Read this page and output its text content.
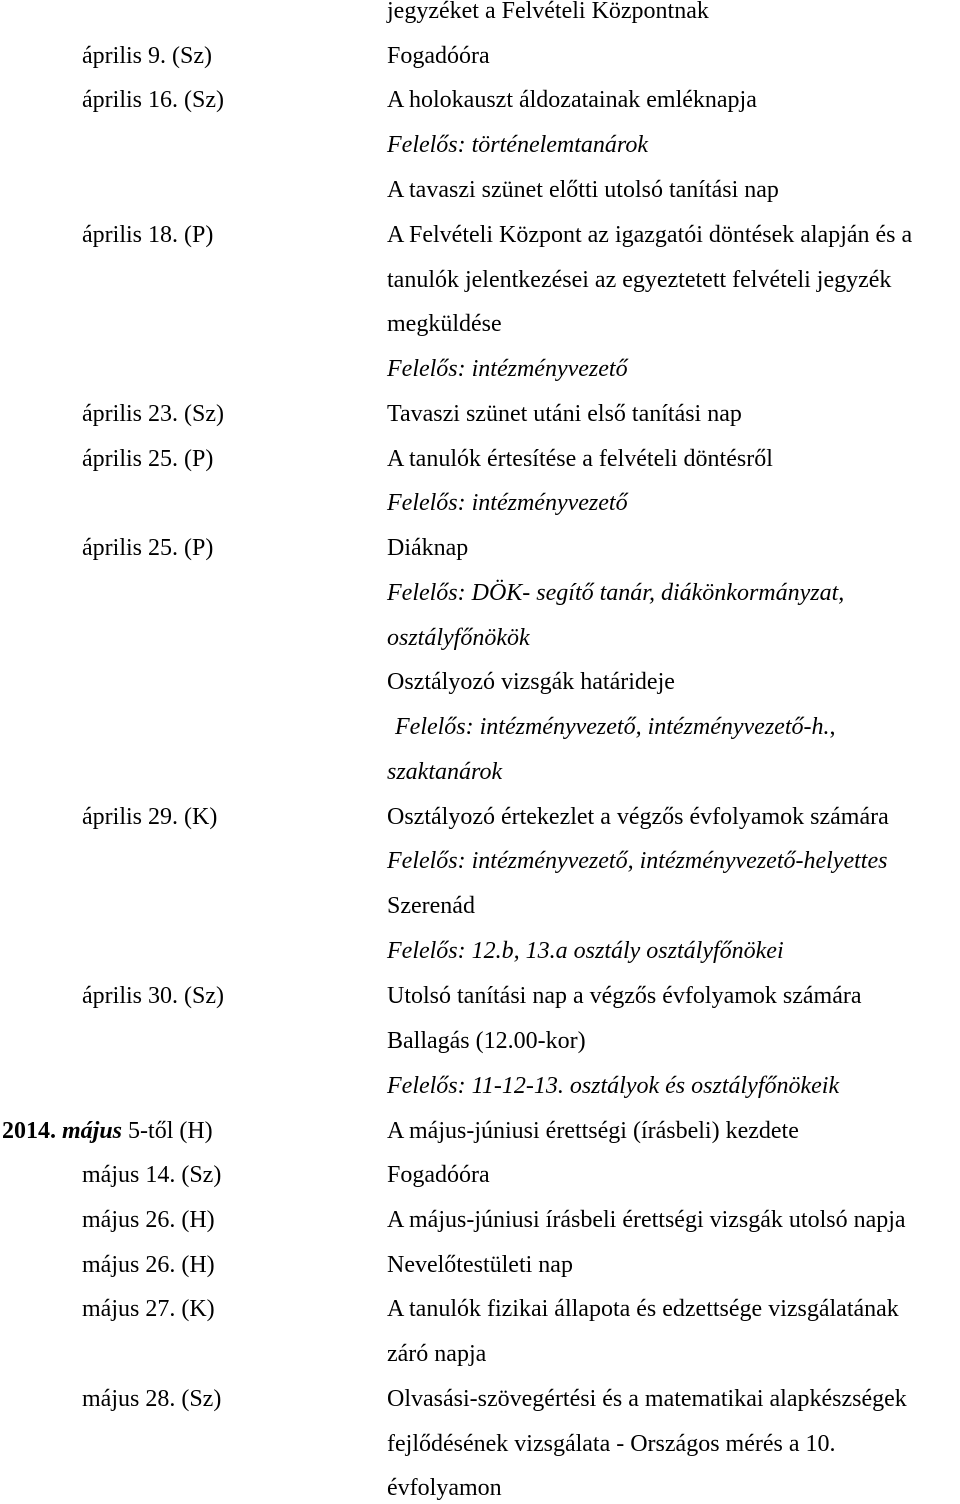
április 9. (Sz)
április 16. (Sz)
április 18. (P)
április 23. (Sz)
április 25. (P)
április 25. (P)
április 29. (K)
április 30. (Sz)
2014. május 5-től (H)
május 14. (Sz)
május 26. (H)
május 26. (H)
május 27. (K)
május 28. (Sz)
jegyzéket a Felvételi Központnak
Fogadóóra
A holokauszt áldozatainak emléknapja
Felelős: történelemtanárok
A tavaszi szünet előtti utolsó tanítási nap
A Felvételi Központ az igazgatói döntések alapján és a
tanulók jelentkezései az egyeztetett felvételi jegyzék
megküldése
Felelős: intézményvezető
Tavaszi szünet utáni első tanítási nap
A tanulók értesítése a felvételi döntésről
Felelős: intézményvezető
Diáknap
Felelős: DÖK- segítő tanár, diákönkormányzat,
osztályfőnökök
Osztályozó vizsgák határideje
Felelős: intézményvezető, intézményvezető-h.,
szaktanárok
Osztályozó értekezlet a végzős évfolyamok számára
Felelős: intézményvezető, intézményvezető-helyettes
Szerenád
Felelős: 12.b, 13.a osztály osztályfőnökei
Utolsó tanítási nap a végzős évfolyamok számára
Ballagás (12.00-kor)
Felelős: 11-12-13. osztályok és osztályfőnökeik
A május-júniusi érettségi (írásbeli) kezdete
Fogadóóra
A május-júniusi írásbeli érettségi vizsgák utolsó napja
Nevelőtestületi nap
A tanulók fizikai állapota és edzettsége vizsgálatának
záró napja
Olvasási-szövegértési és a matematikai alapkészségek
fejlődésének vizsgálata - Országos mérés a 10.
évfolyamon
